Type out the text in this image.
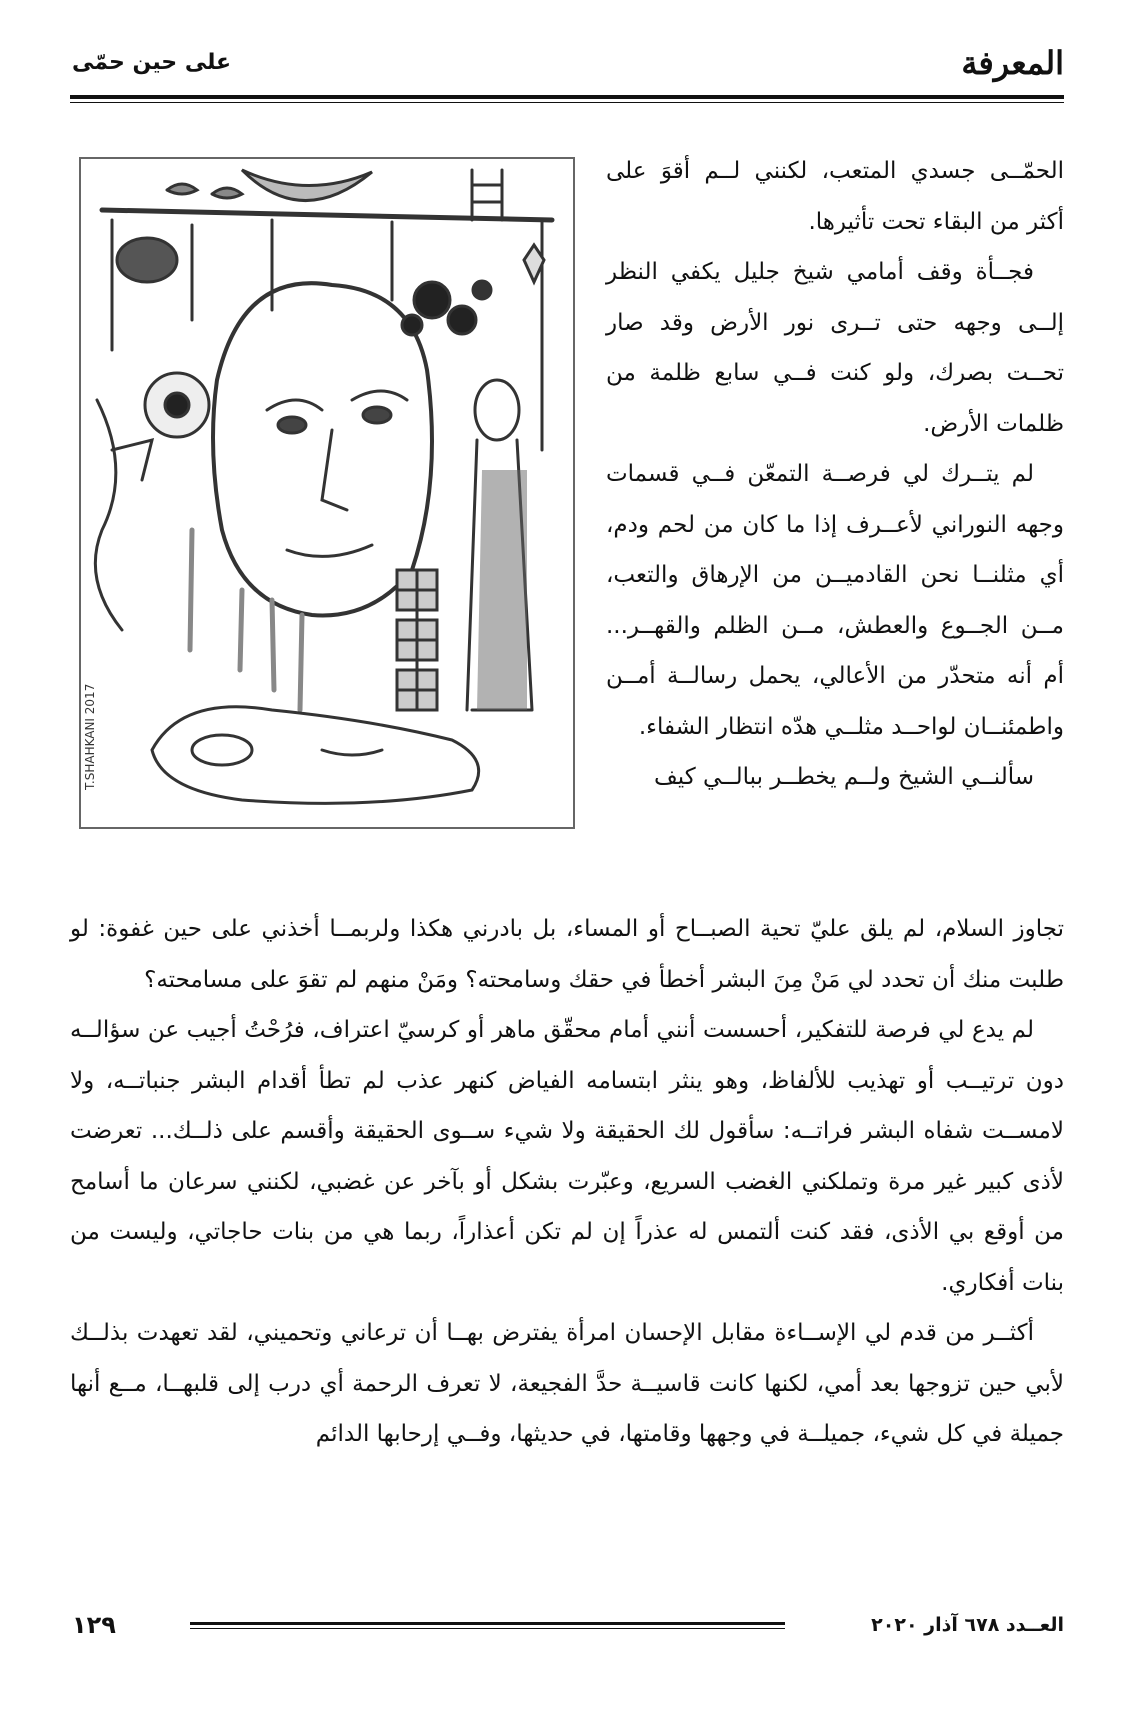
على حين حمّى	المعرفة
T.SHAHKANI 2017

الحمّــى جسدي المتعب، لكنني لــم أقوَ على أكثر من البقاء تحت تأثيرها.

فجــأة وقف أمامي شيخ جليل يكفي النظر إلــى وجهه حتى تــرى نور الأرض وقد صار تحــت بصرك، ولو كنت فــي سابع ظلمة من ظلمات الأرض.

لم يتــرك لي فرصــة التمعّن فــي قسمات وجهه النوراني لأعــرف إذا ما كان من لحم ودم، أي مثلنــا نحن القادميــن من الإرهاق والتعب، مــن الجــوع والعطش، مــن الظلم والقهــر... أم أنه متحدّر من الأعالي، يحمل رسالــة أمــن واطمئنــان لواحــد مثلــي هدّه انتظار الشفاء.

سألنــي الشيخ ولــم يخطــر ببالــي كيف

تجاوز السلام، لم يلق عليّ تحية الصبــاح أو المساء، بل بادرني هكذا ولربمــا أخذني على حين غفوة: لو طلبت منك أن تحدد لي مَنْ مِنَ البشر أخطأ في حقك وسامحته؟ ومَنْ منهم لم تقوَ على مسامحته؟

لم يدع لي فرصة للتفكير، أحسست أنني أمام محقّق ماهر أو كرسيّ اعتراف، فرُحْتُ أجيب عن سؤالــه دون ترتيــب أو تهذيب للألفاظ، وهو ينثر ابتسامه الفياض كنهر عذب لم تطأ أقدام البشر جنباتــه، ولا لامســت شفاه البشر فراتــه: سأقول لك الحقيقة ولا شيء ســوى الحقيقة وأقسم على ذلــك... تعرضت لأذى كبير غير مرة وتملكني الغضب السريع، وعبّرت بشكل أو بآخر عن غضبي، لكنني سرعان ما أسامح من أوقع بي الأذى، فقد كنت ألتمس له عذراً إن لم تكن أعذاراً، ربما هي من بنات حاجاتي، وليست من بنات أفكاري.

أكثــر من قدم لي الإســاءة مقابل الإحسان امرأة يفترض بهــا أن ترعاني وتحميني، لقد تعهدت بذلــك لأبي حين تزوجها بعد أمي، لكنها كانت قاسيــة حدَّ الفجيعة، لا تعرف الرحمة أي درب إلى قلبهــا، مــع أنها جميلة في كل شيء، جميلــة في وجهها وقامتها، في حديثها، وفــي إرحابها الدائم

١٢٩	العــدد ٦٧٨ آذار ٢٠٢٠
